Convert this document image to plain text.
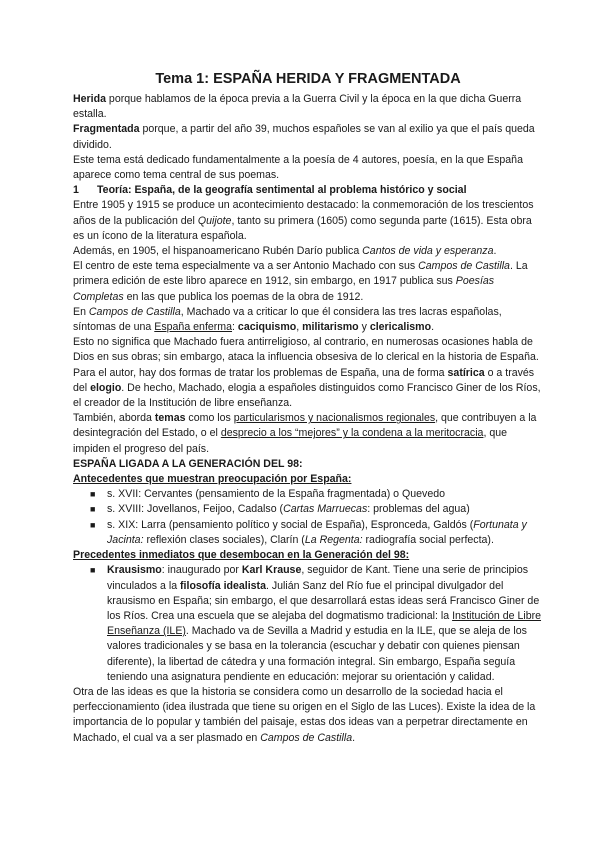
Tema 1: ESPAÑA HERIDA Y FRAGMENTADA

Herida porque hablamos de la época previa a la Guerra Civil y la época en la que dicha Guerra estalla.

Fragmentada porque, a partir del año 39, muchos españoles se van al exilio ya que el país queda dividido.

Este tema está dedicado fundamentalmente a la poesía de 4 autores, poesía, en la que España aparece como tema central de sus poemas.

1 Teoría: España, de la geografía sentimental al problema histórico y social

Entre 1905 y 1915 se produce un acontecimiento destacado: la conmemoración de los trescientos años de la publicación del Quijote, tanto su primera (1605) como segunda parte (1615). Esta obra es un ícono de la literatura española.

Además, en 1905, el hispanoamericano Rubén Darío publica Cantos de vida y esperanza.

El centro de este tema especialmente va a ser Antonio Machado con sus Campos de Castilla. La primera edición de este libro aparece en 1912, sin embargo, en 1917 publica sus Poesías Completas en las que publica los poemas de la obra de 1912.

En Campos de Castilla, Machado va a criticar lo que él considera las tres lacras españolas, síntomas de una España enferma: caciquismo, militarismo y clericalismo.

Esto no significa que Machado fuera antirreligioso, al contrario, en numerosas ocasiones habla de Dios en sus obras; sin embargo, ataca la influencia obsesiva de lo clerical en la historia de España.

Para el autor, hay dos formas de tratar los problemas de España, una de forma satírica o a través del elogio. De hecho, Machado, elogia a españoles distinguidos como Francisco Giner de los Ríos, el creador de la Institución de libre enseñanza.

También, aborda temas como los particularismos y nacionalismos regionales, que contribuyen a la desintegración del Estado, o el desprecio a los “mejores” y la condena a la meritocracia, que impiden el progreso del país.

ESPAÑA LIGADA A LA GENERACIÓN DEL 98:
Antecedentes que muestran preocupación por España:
■ s. XVII: Cervantes (pensamiento de la España fragmentada) o Quevedo
■ s. XVIII: Jovellanos, Feijoo, Cadalso (Cartas Marruecas: problemas del agua)
■ s. XIX: Larra (pensamiento político y social de España), Espronceda, Galdós (Fortunata y Jacinta: reflexión clases sociales), Clarín (La Regenta: radiografía social perfecta).
Precedentes inmediatos que desembocan en la Generación del 98:
■ Krausismo: inaugurado por Karl Krause, seguidor de Kant. Tiene una serie de principios vinculados a la filosofía idealista. Julián Sanz del Río fue el principal divulgador del krausismo en España; sin embargo, el que desarrollará estas ideas será Francisco Giner de los Ríos. Crea una escuela que se alejaba del dogmatismo tradicional: la Institución de Libre Enseñanza (ILE). Machado va de Sevilla a Madrid y estudia en la ILE, que se aleja de los valores tradicionales y se basa en la tolerancia (escuchar y debatir con quienes piensan diferente), la libertad de cátedra y una formación integral. Sin embargo, España seguía teniendo una asignatura pendiente en educación: mejorar su orientación y calidad.

Otra de las ideas es que la historia se considera como un desarrollo de la sociedad hacia el perfeccionamiento (idea ilustrada que tiene su origen en el Siglo de las Luces). Existe la idea de la importancia de lo popular y también del paisaje, estas dos ideas van a perpetrar directamente en Machado, el cual va a ser plasmado en Campos de Castilla.
